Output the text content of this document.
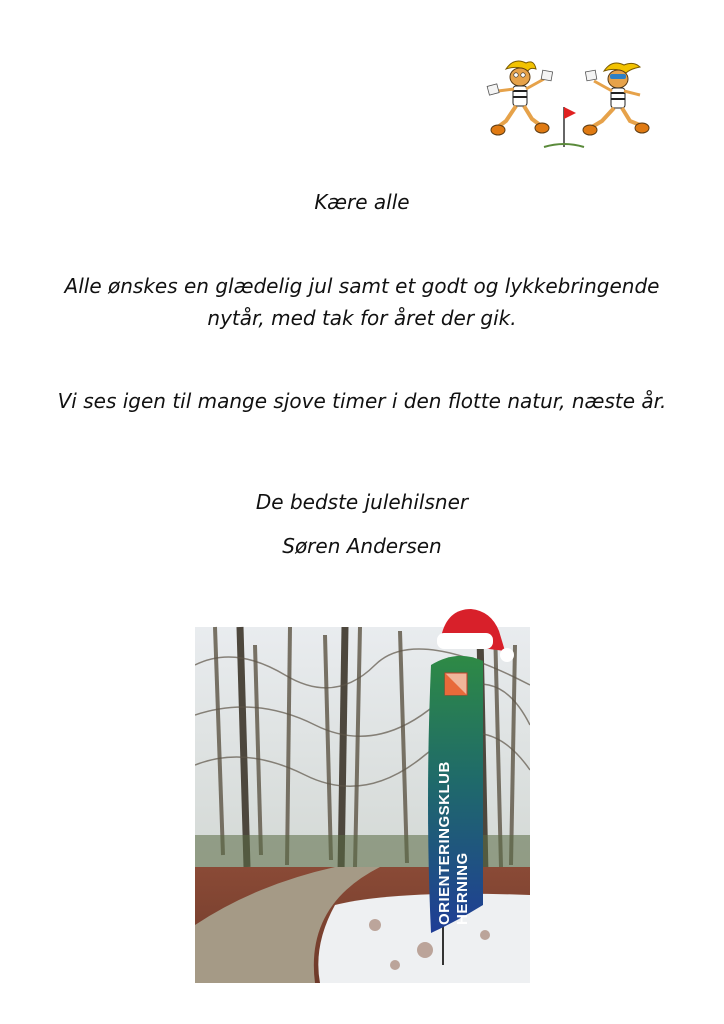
Kære alle
Alle ønskes en glædelig jul samt et godt og lykkebringende nytår, med tak for året der gik.
Vi ses igen til mange sjove timer i den flotte natur, næste år.
De bedste julehilsner
Søren Andersen
HERNING
ORIENTERINGSKLUB
